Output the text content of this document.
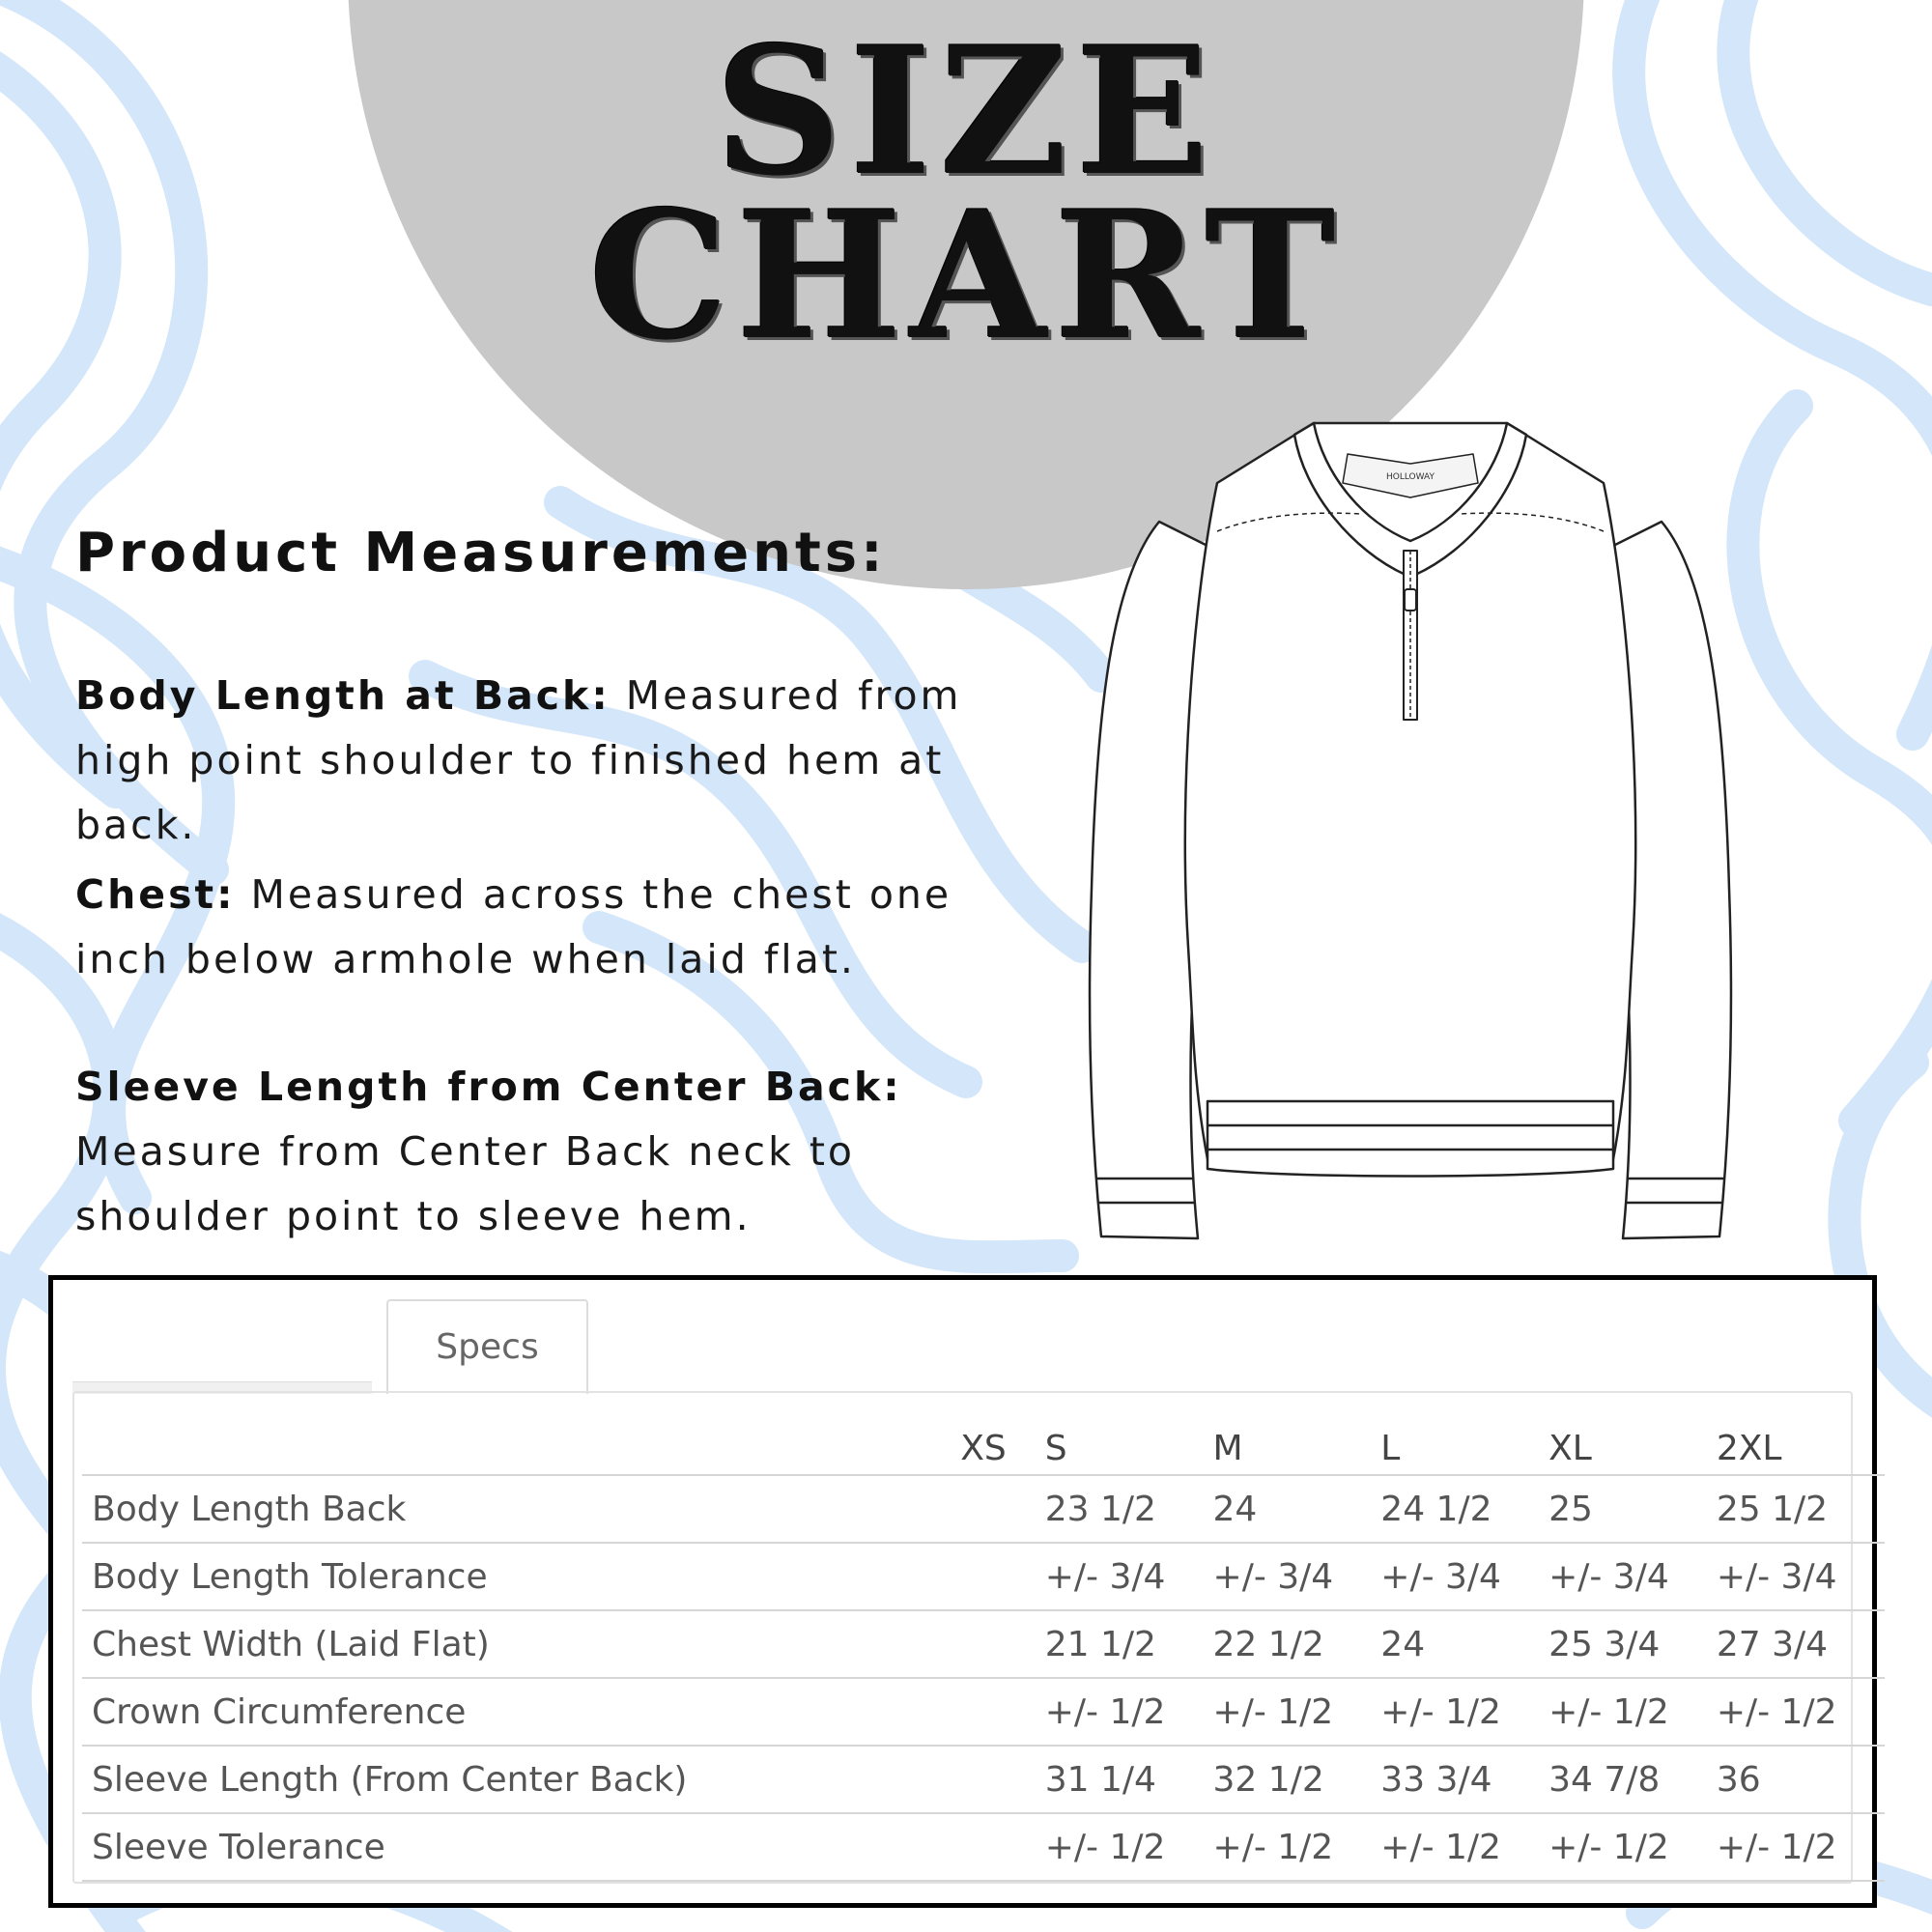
SIZE
CHART
Product Measurements:
Body Length at Back: Measured from high point shoulder to finished hem at back.
Chest: Measured across the chest one inch below armhole when laid flat.
Sleeve Length from Center Back: Measure from Center Back neck to shoulder point to sleeve hem.
HOLLOWAY
Specs
	XS	S	M	L	XL	2XL
Body Length Back		23 1/2	24	24 1/2	25	25 1/2
Body Length Tolerance		+/- 3/4	+/- 3/4	+/- 3/4	+/- 3/4	+/- 3/4
Chest Width (Laid Flat)		21 1/2	22 1/2	24	25 3/4	27 3/4
Crown Circumference		+/- 1/2	+/- 1/2	+/- 1/2	+/- 1/2	+/- 1/2
Sleeve Length (From Center Back)		31 1/4	32 1/2	33 3/4	34 7/8	36
Sleeve Tolerance		+/- 1/2	+/- 1/2	+/- 1/2	+/- 1/2	+/- 1/2
